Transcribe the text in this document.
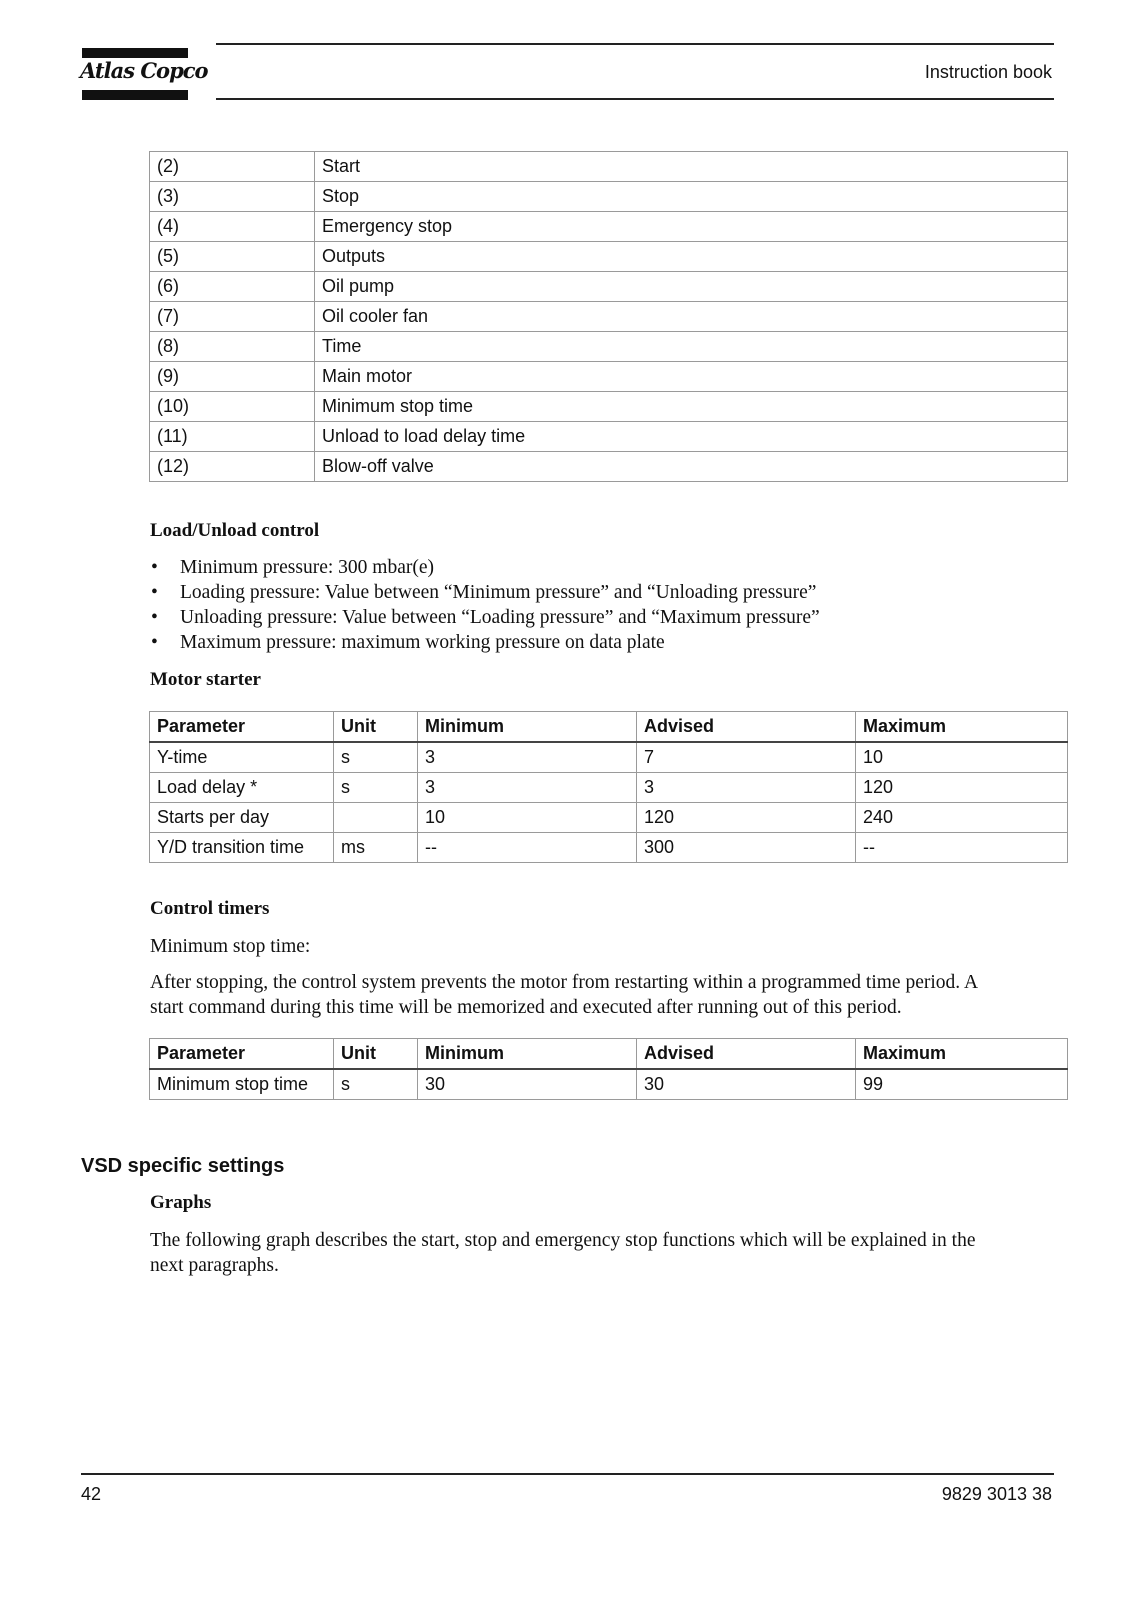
Atlas Copco	Instruction book
(2)	Start
(3)	Stop
(4)	Emergency stop
(5)	Outputs
(6)	Oil pump
(7)	Oil cooler fan
(8)	Time
(9)	Main motor
(10)	Minimum stop time
(11)	Unload to load delay time
(12)	Blow-off valve
Load/Unload control
• Minimum pressure: 300 mbar(e)
• Loading pressure: Value between “Minimum pressure” and “Unloading pressure”
• Unloading pressure: Value between “Loading pressure” and “Maximum pressure”
• Maximum pressure: maximum working pressure on data plate
Motor starter
Parameter	Unit	Minimum	Advised	Maximum
Y-time	s	3	7	10
Load delay *	s	3	3	120
Starts per day		10	120	240
Y/D transition time	ms	--	300	--
Control timers
Minimum stop time:
After stopping, the control system prevents the motor from restarting within a programmed time period. A
start command during this time will be memorized and executed after running out of this period.
Parameter	Unit	Minimum	Advised	Maximum
Minimum stop time	s	30	30	99
VSD specific settings
Graphs
The following graph describes the start, stop and emergency stop functions which will be explained in the
next paragraphs.
42	9829 3013 38
